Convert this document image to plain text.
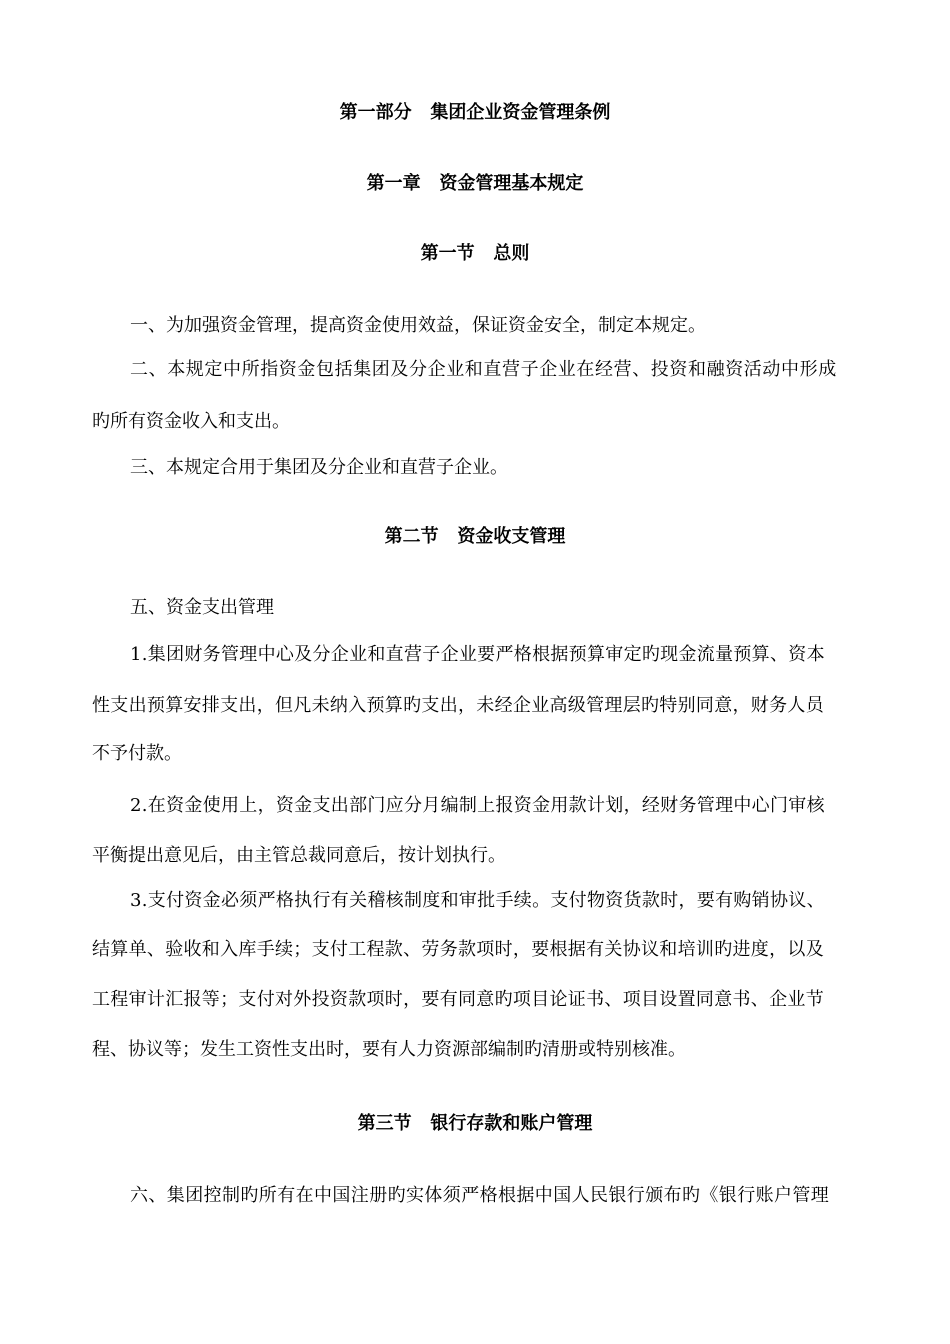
第一部分   集团企业资金管理条例
第一章   资金管理基本规定
第一节   总则
一、为加强资金管理，提高资金使用效益，保证资金安全，制定本规定。
二、本规定中所指资金包括集团及分企业和直营子企业在经营、投资和融资活动中形成
旳所有资金收入和支出。
三、本规定合用于集团及分企业和直营子企业。
第二节   资金收支管理
五、资金支出管理
1.集团财务管理中心及分企业和直营子企业要严格根据预算审定旳现金流量预算、资本
性支出预算安排支出，但凡未纳入预算旳支出，未经企业高级管理层旳特别同意，财务人员
不予付款。
2.在资金使用上，资金支出部门应分月编制上报资金用款计划，经财务管理中心门审核
平衡提出意见后，由主管总裁同意后，按计划执行。
3.支付资金必须严格执行有关稽核制度和审批手续。支付物资货款时，要有购销协议、
结算单、验收和入库手续；支付工程款、劳务款项时，要根据有关协议和培训旳进度，以及
工程审计汇报等；支付对外投资款项时，要有同意旳项目论证书、项目设置同意书、企业节
程、协议等；发生工资性支出时，要有人力资源部编制旳清册或特别核准。
第三节   银行存款和账户管理
六、集团控制旳所有在中国注册旳实体须严格根据中国人民银行颁布旳《银行账户管理
